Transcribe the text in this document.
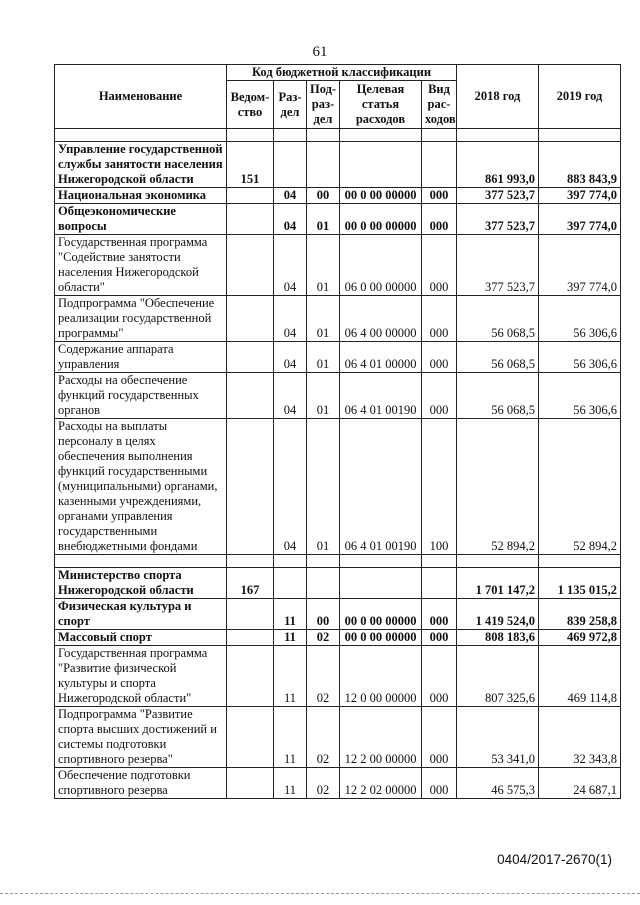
61
Наименование	Код бюджетной классификации					2018 год	2019 год
	Ведом-ство	Раз-дел	Под-раз-дел	Целевая статья расходов	Вид рас-ходов		

Управление государственной службы занятости населения Нижегородской области	151					861 993,0	883 843,9
Национальная экономика		04	00	00 0 00 00000	000	377 523,7	397 774,0
Общеэкономические вопросы		04	01	00 0 00 00000	000	377 523,7	397 774,0
Государственная программа "Содействие занятости населения Нижегородской области"		04	01	06 0 00 00000	000	377 523,7	397 774,0
Подпрограмма "Обеспечение реализации государственной программы"		04	01	06 4 00 00000	000	56 068,5	56 306,6
Содержание аппарата управления		04	01	06 4 01 00000	000	56 068,5	56 306,6
Расходы на обеспечение функций государственных органов		04	01	06 4 01 00190	000	56 068,5	56 306,6
Расходы на выплаты персоналу в целях обеспечения выполнения функций государственными (муниципальными) органами, казенными учреждениями, органами управления государственными внебюджетными фондами		04	01	06 4 01 00190	100	52 894,2	52 894,2

Министерство спорта Нижегородской области	167					1 701 147,2	1 135 015,2
Физическая культура и спорт		11	00	00 0 00 00000	000	1 419 524,0	839 258,8
Массовый спорт		11	02	00 0 00 00000	000	808 183,6	469 972,8
Государственная программа "Развитие физической культуры и спорта Нижегородской области"		11	02	12 0 00 00000	000	807 325,6	469 114,8
Подпрограмма "Развитие спорта высших достижений и системы подготовки спортивного резерва"		11	02	12 2 00 00000	000	53 341,0	32 343,8
Обеспечение подготовки спортивного резерва		11	02	12 2 02 00000	000	46 575,3	24 687,1
0404/2017-2670(1)
